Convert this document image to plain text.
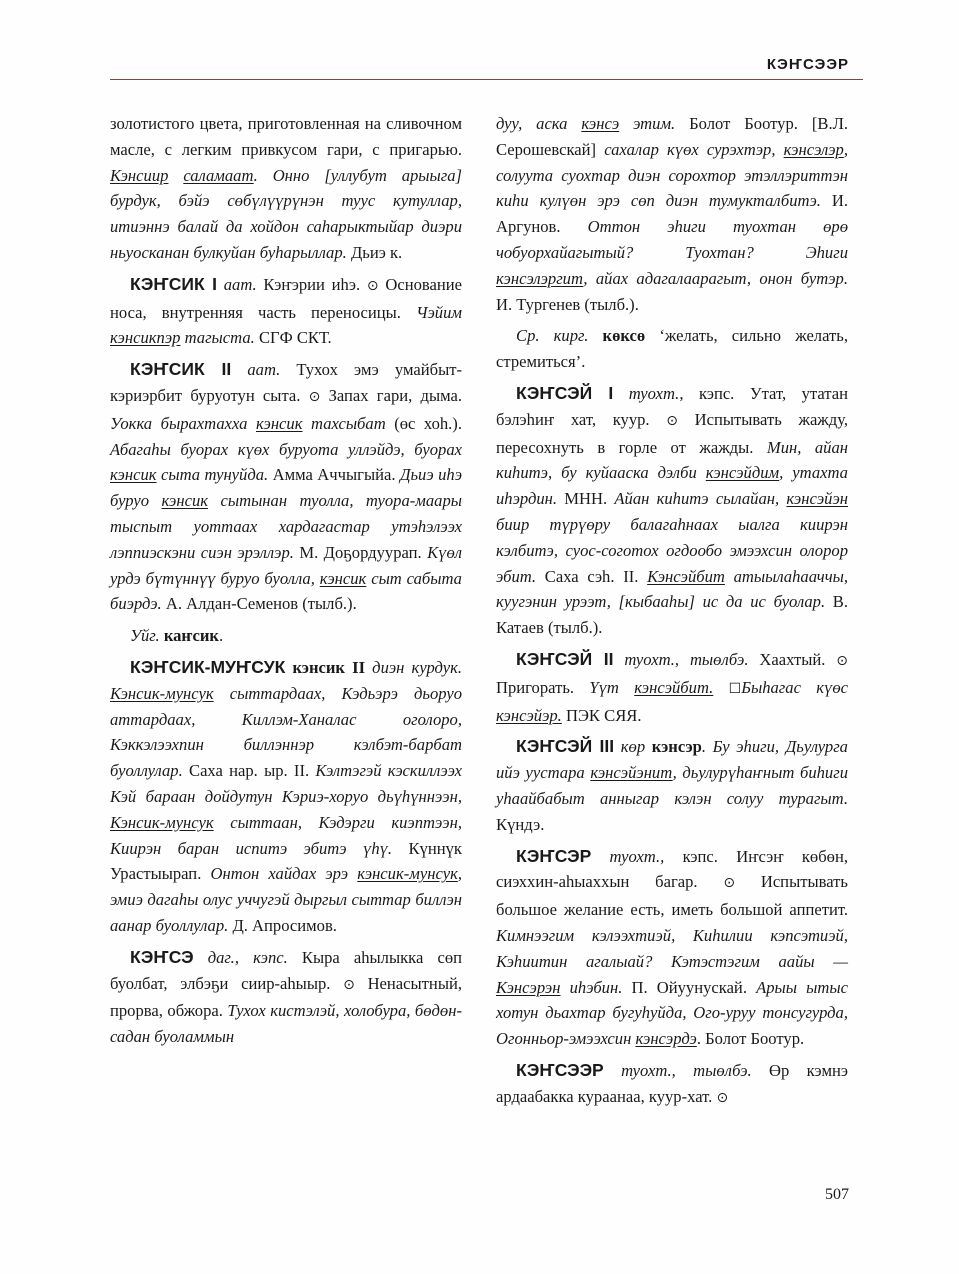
КЭҤСЭЭР

золотистого цвета, приготовленная на сливочном масле, с легким привкусом гари, с пригарью. Кэнсиир саламаат. Онно [уллубут арыыга] бурдук, бэйэ сөбүлүүрүнэн туус кутуллар, итиэннэ балай да хойдон саһарыктыйар диэри ньуосканан булкуйан буһарыллар. Дьиэ к.

КЭҤСИК I аат. Кэҥэрии иһэ. ⊙ Основание носа, внутренняя часть переносицы. Чэйим кэнсикпэр тагыста. СГФ СКТ.

КЭҤСИК II аат. Тухох эмэ умайбыт-кэриэрбит буруотун сыта. ⊙ Запах гари, дыма. Уокка бырахтахха кэнсик тахсыбат (өс хоһ.). Абагаһы буорах күөх буруота уллэйдэ, буорах кэнсик сыта тунуйда. Амма Аччыгыйа. Дьиэ иһэ буруо кэнсик сытынан туолла, туора-маары тыспыт уоттаах хардагастар утэһэлээх лэппиэскэни сиэн эрэллэр. М. Доҕордуурап. Күөл урдэ бүтүннүү буруо буолла, кэнсик сыт сабыта биэрдэ. А. Алдан-Семенов (тылб.).

Уйг. каҥсик.

КЭҤСИК-МУҤСУК кэнсик II диэн курдук. Кэнсик-мунсук сыттардаах, Кэдьэрэ дьоруо аттардаах, Киллэм-Ханалас оголоро, Кэккэлээхпин биллэннэр кэлбэт-барбат буоллулар. Саха нар. ыр. II. Кэлтэгэй кэскиллээх Кэй бараан дойдутун Кэриэ-хоруо дьүһүннээн, Кэнсик-мунсук сыттаан, Кэдэрги киэптээн, Киирэн баран испитэ эбитэ үһү. Күннүк Урастыырап. Онтон хайдах эрэ кэнсик-мунсук, эмиэ дагаһы олус уччугэй дыргыл сыттар биллэн аанар буоллулар. Д. Апросимов.

КЭҤСЭ даг., кэпс. Кыра аһылыкка сөп буолбат, элбэҕи сиир-аһыыр. ⊙ Ненасытный, прорва, обжора. Тухох кистэлэй, холобура, бөдөн-садан буоламмын

дуу, аска кэнсэ этим. Болот Боотур. [В.Л. Серошевскай] сахалар күөх сурэхтэр, кэнсэлэр, солуута суохтар диэн сорохтор этэллэриттэн киһи кулүөн эрэ сөп диэн тумукталбитэ. И. Аргунов. Оттон эһиги туохтан өрө чобуорхайагытый? Туохтан? Эһиги кэнсэлэргит, айах адагалаарагыт, онон бутэр. И. Тургенев (тылб.).

Ср. кирг. көксө ‘желать, сильно желать, стремиться’.

КЭҤСЭЙ I туохт., кэпс. Утат, утатан бэлэһиҥ хат, куур. ⊙ Испытывать жажду, пересохнуть в горле от жажды. Мин, айан киһитэ, бу куйааска дэлби кэнсэйдим, утахта иһэрдин. МНН. Айан киһитэ сылайан, кэнсэйэн биир түрүөру балагаһнаах ыалга киирэн кэлбитэ, суос-соготох огдообо эмээхсин олорор эбит. Саха сэһ. II. Кэнсэйбит атыылаһааччы, куугэнин урээт, [кыбааһы] ис да ис буолар. В. Катаев (тылб.).

КЭҤСЭЙ II туохт., тыөлбэ. Хаахтый. ⊙ Пригорать. Үүт кэнсэйбит. ☐Быһагас күөс кэнсэйэр. ПЭК СЯЯ.

КЭҤСЭЙ III көр кэнсэр. Бу эһиги, Дьулурга ийэ уустара кэнсэйэнит, дьулурүһаҥныт биһиги уһаайбабыт анныгар кэлэн солуу турагыт. Күндэ.

КЭҤСЭР туохт., кэпс. Иҥсэҥ көбөн, сиэххин-аһыаххын багар. ⊙ Испытывать большое желание есть, иметь большой аппетит. Кимнээгим кэлээхтиэй, Киһилии кэпсэтиэй, Кэһиитин агалыай? Кэтэстэгим аайы — Кэнсэрэн иһэбин. П. Ойуунускай. Арыы ытыс хотун дьахтар бугуһуйда, Ого-уруу тонсугурда, Огонньор-эмээхсин кэнсэрдэ. Болот Боотур.

КЭҤСЭЭР туохт., тыөлбэ. Өр кэмнэ ардаабакка кураанаа, куур-хат. ⊙

507
